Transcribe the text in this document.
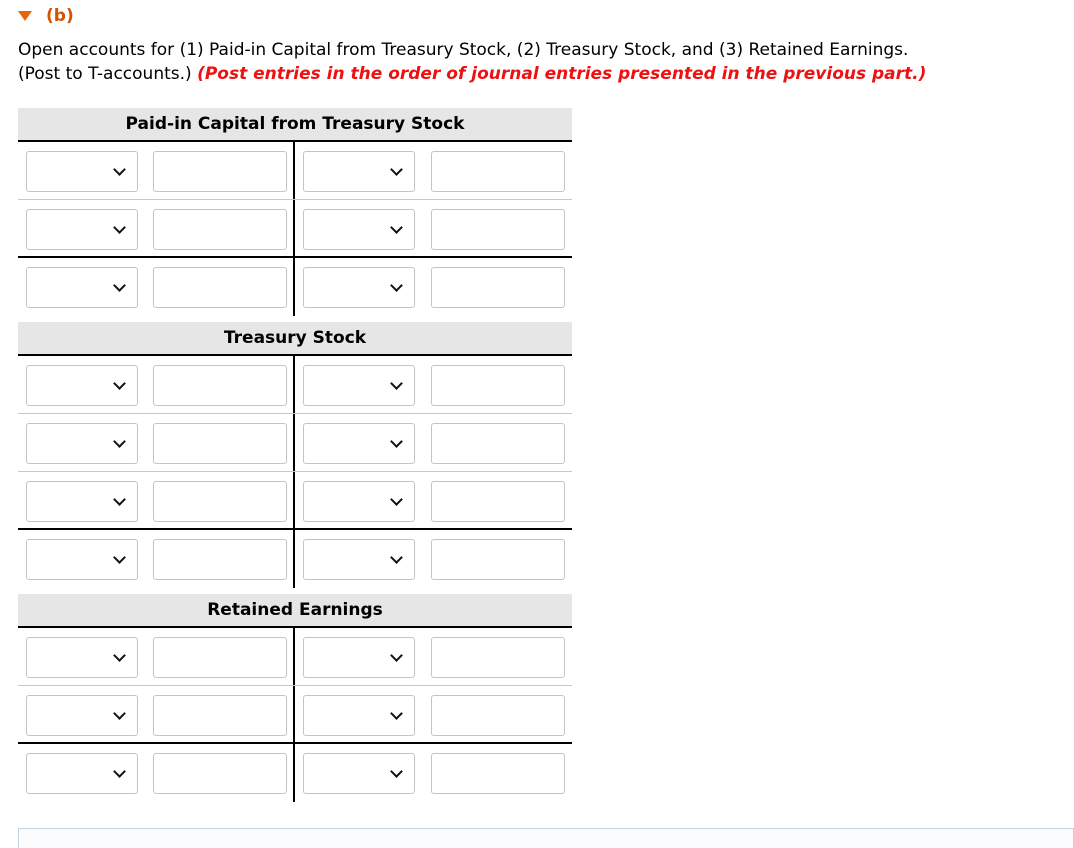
(b)
Open accounts for (1) Paid-in Capital from Treasury Stock, (2) Treasury Stock, and (3) Retained Earnings.
(Post to T-accounts.) (Post entries in the order of journal entries presented in the previous part.)
Paid-in Capital from Treasury Stock
Treasury Stock
Retained Earnings
